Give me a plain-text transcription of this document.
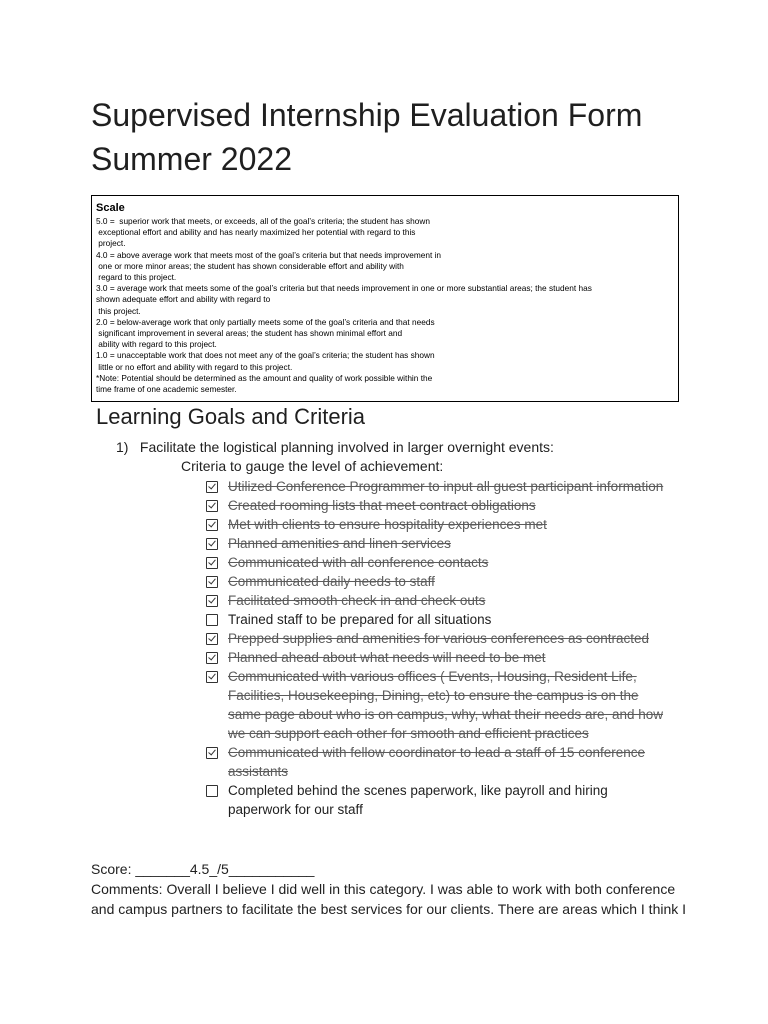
Supervised Internship Evaluation Form
Summer 2022
Scale
5.0 =  superior work that meets, or exceeds, all of the goal’s criteria; the student has shown
exceptional effort and ability and has nearly maximized her potential with regard to this
project.
4.0 = above average work that meets most of the goal’s criteria but that needs improvement in
one or more minor areas; the student has shown considerable effort and ability with
regard to this project.
3.0 = average work that meets some of the goal’s criteria but that needs improvement in one or more substantial areas; the student has
shown adequate effort and ability with regard to
this project.
2.0 = below-average work that only partially meets some of the goal’s criteria and that needs
significant improvement in several areas; the student has shown minimal effort and
ability with regard to this project.
1.0 = unacceptable work that does not meet any of the goal’s criteria; the student has shown
little or no effort and ability with regard to this project.
*Note: Potential should be determined as the amount and quality of work possible within the
time frame of one academic semester.
Learning Goals and Criteria
1) Facilitate the logistical planning involved in larger overnight events:
Criteria to gauge the level of achievement:
Utilized Conference Programmer to input all guest participant information
Created rooming lists that meet contract obligations
Met with clients to ensure hospitality experiences met
Planned amenities and linen services
Communicated with all conference contacts
Communicated daily needs to staff
Facilitated smooth check in and check outs
Trained staff to be prepared for all situations
Prepped supplies and amenities for various conferences as contracted
Planned ahead about what needs will need to be met
Communicated with various offices ( Events, Housing, Resident Life, Facilities, Housekeeping, Dining, etc) to ensure the campus is on the same page about who is on campus, why, what their needs are, and how we can support each other for smooth and efficient practices
Communicated with fellow coordinator to lead a staff of 15 conference assistants
Completed behind the scenes paperwork, like payroll and hiring paperwork for our staff
Score: _______4.5_/5___________
Comments: Overall I believe I did well in this category. I was able to work with both conference and campus partners to facilitate the best services for our clients. There are areas which I think I
